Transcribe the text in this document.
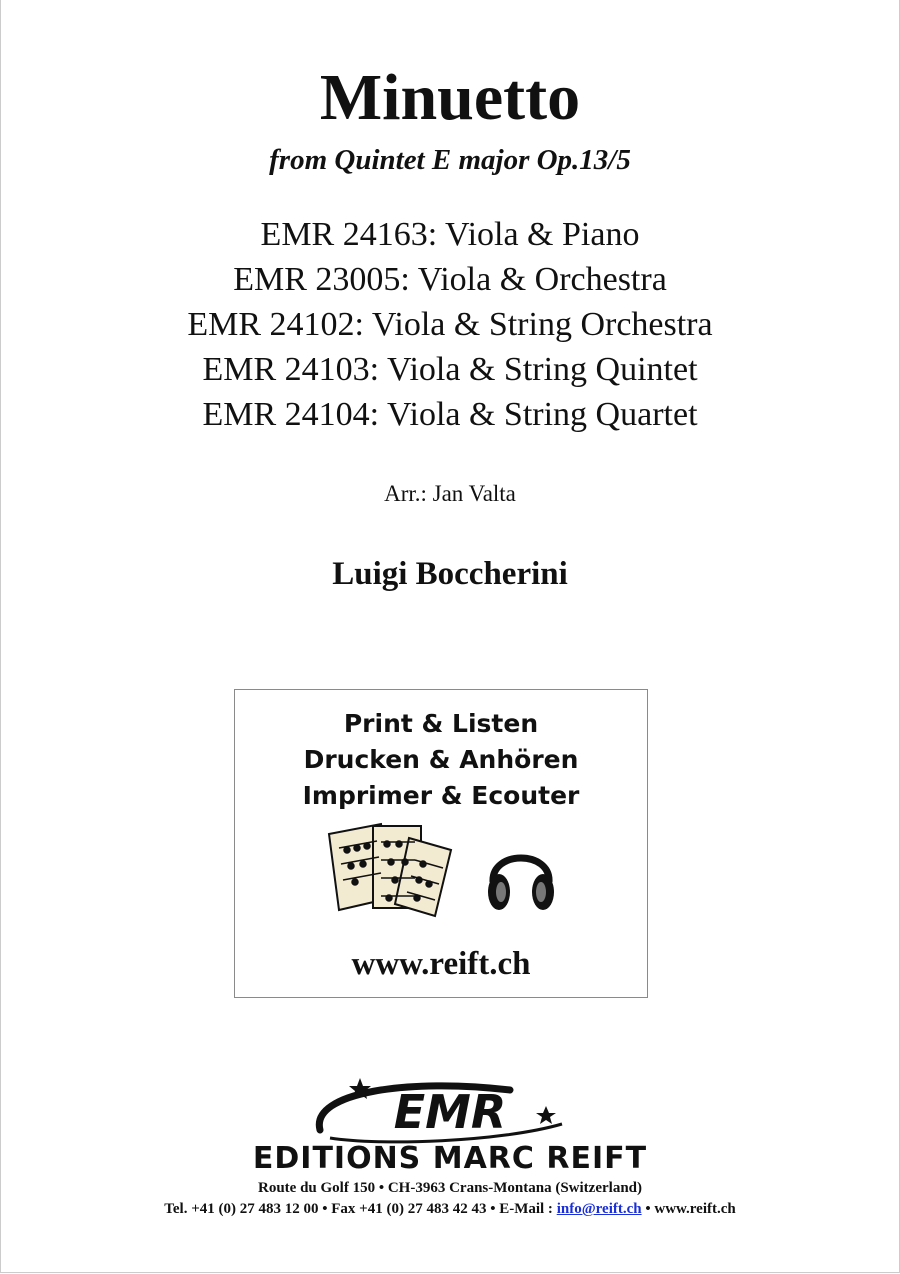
Minuetto
from Quintet E major Op.13/5
EMR 24163: Viola & Piano
EMR 23005: Viola & Orchestra
EMR 24102: Viola & String Orchestra
EMR 24103: Viola & String Quintet
EMR 24104: Viola & String Quartet
Arr.: Jan Valta
Luigi Boccherini
Print & Listen
Drucken & Anhören
Imprimer & Ecouter
www.reift.ch
EMR
EDITIONS MARC REIFT
Route du Golf 150 • CH-3963 Crans-Montana (Switzerland)
Tel. +41 (0) 27 483 12 00 • Fax +41 (0) 27 483 42 43 • E-Mail : info@reift.ch • www.reift.ch
